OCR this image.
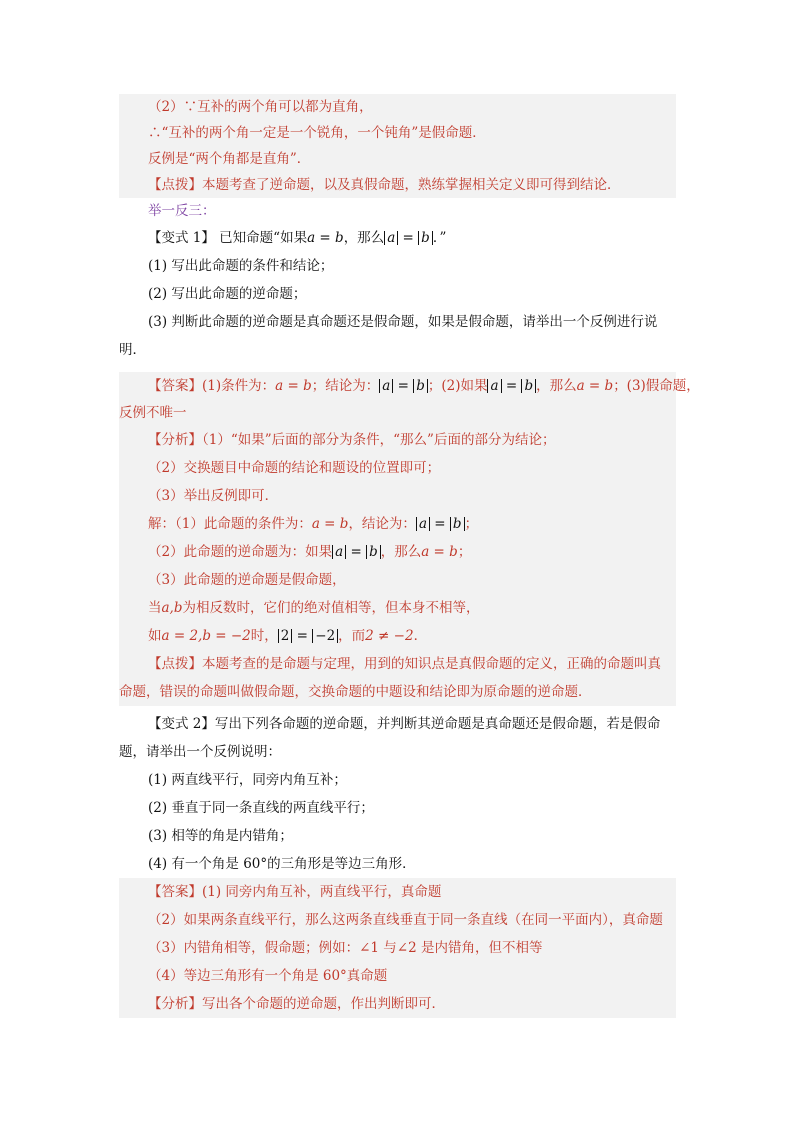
（2）∵互补的两个角可以都为直角，
∴“互补的两个角一定是一个锐角，一个钝角”是假命题．
反例是“两个角都是直角”．
【点拨】本题考查了逆命题，以及真假命题，熟练掌握相关定义即可得到结论．
举一反三：
【变式 1】 已知命题“如果a = b，那么 a = b ．”
(1) 写出此命题的条件和结论；
(2) 写出此命题的逆命题；
(3) 判断此命题的逆命题是真命题还是假命题，如果是假命题，请举出一个反例进行说
明．
【答案】(1)条件为：a = b；结论为： a = b ；(2)如果 a = b ，那么a = b；(3)假命题，
反例不唯一
【分析】（1）“如果”后面的部分为条件，“那么”后面的部分为结论；
（2）交换题目中命题的结论和题设的位置即可；
（3）举出反例即可．
解：（1）此命题的条件为：a = b，结论为： a = b ；
（2）此命题的逆命题为：如果 a = b ，那么a = b；
（3）此命题的逆命题是假命题，
当a,b为相反数时，它们的绝对值相等，但本身不相等，
如a = 2,b = −2时， 2 = −2 ，而2 ≠ −2．
【点拨】本题考查的是命题与定理，用到的知识点是真假命题的定义，正确的命题叫真
命题，错误的命题叫做假命题，交换命题的中题设和结论即为原命题的逆命题．
【变式 2】写出下列各命题的逆命题，并判断其逆命题是真命题还是假命题，若是假命
题，请举出一个反例说明：
(1) 两直线平行，同旁内角互补；
(2) 垂直于同一条直线的两直线平行；
(3) 相等的角是内错角；
(4) 有一个角是 60°的三角形是等边三角形．
【答案】(1) 同旁内角互补，两直线平行，真命题
（2）如果两条直线平行，那么这两条直线垂直于同一条直线（在同一平面内），真命题
（3）内错角相等，假命题；例如：∠1 与∠2 是内错角，但不相等
（4）等边三角形有一个角是 60°真命题
【分析】写出各个命题的逆命题，作出判断即可．
